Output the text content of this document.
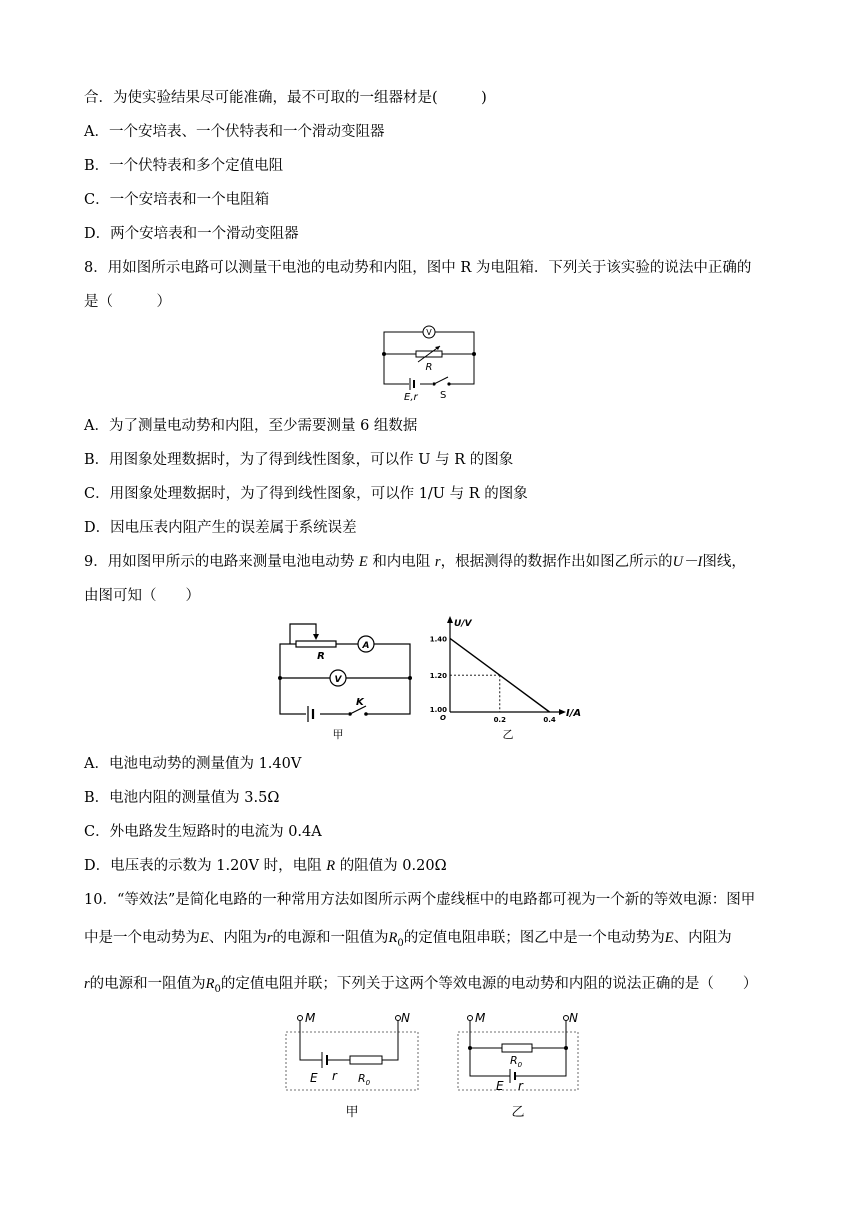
合．为使实验结果尽可能准确，最不可取的一组器材是(　　　)
A．一个安培表、一个伏特表和一个滑动变阻器
B．一个伏特表和多个定值电阻
C．一个安培表和一个电阻箱
D．两个安培表和一个滑动变阻器
8．用如图所示电路可以测量干电池的电动势和内阻，图中 R 为电阻箱．下列关于该实验的说法中正确的
是（　　　）
V
R
E,r S
A．为了测量电动势和内阻，至少需要测量 6 组数据
B．用图象处理数据时，为了得到线性图象，可以作 U 与 R 的图象
C．用图象处理数据时，为了得到线性图象，可以作 1/U 与 R 的图象
D．因电压表内阻产生的误差属于系统误差
9．用如图甲所示的电路来测量电池电动势 E 和内电阻 r，根据测得的数据作出如图乙所示的U－I图线，
由图可知（　　）
R
A
V
K
甲
U/V
I/A
O
1.40
1.20
1.00
0.2	0.4
乙
A．电池电动势的测量值为 1.40V
B．电池内阻的测量值为 3.5Ω
C．外电路发生短路时的电流为 0.4A
D．电压表的示数为 1.20V 时，电阻 R 的阻值为 0.20Ω
10．“等效法”是简化电路的一种常用方法如图所示两个虚线框中的电路都可视为一个新的等效电源：图甲
中是一个电动势为E、内阻为r的电源和一阻值为$R_0$的定值电阻串联；图乙中是一个电动势为E、内阻为
r的电源和一阻值为$R_0$的定值电阻并联；下列关于这两个等效电源的电动势和内阻的说法正确的是（　　）
M	N
E r $R_0$
甲
M	N
$R_0$
E r
乙
